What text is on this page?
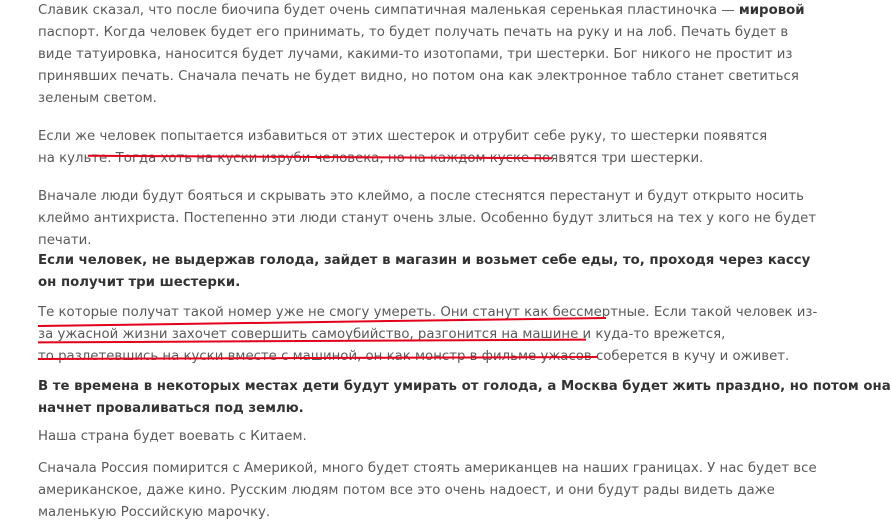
Славик сказал, что после биочипа будет очень симпатичная маленькая серенькая пластиночка — мировой
паспорт. Когда человек будет его принимать, то будет получать печать на руку и на лоб. Печать будет в
виде татуировка, наносится будет лучами, какими-то изотопами, три шестерки. Бог никого не простит из
принявших печать. Сначала печать не будет видно, но потом она как электронное табло станет светиться
зеленым светом.

Если же человек попытается избавиться от этих шестерок и отрубит себе руку, то шестерки появятся
на культе. Тогда хоть на куски изруби человека, но на каждом куске появятся три шестерки.

Вначале люди будут бояться и скрывать это клеймо, а после стеснятся перестанут и будут открыто носить
клеймо антихриста. Постепенно эти люди станут очень злые. Особенно будут злиться на тех у кого не будет
печати.

Если человек, не выдержав голода, зайдет в магазин и возьмет себе еды, то, проходя через кассу
он получит три шестерки.

Те которые получат такой номер уже не смогу умереть. Они станут как бессмертные. Если такой человек из-
за ужасной жизни захочет совершить самоубийство, разгонится на машине и куда-то врежется,
то разлетевшись на куски вместе с машиной, он как монстр в фильме ужасов соберется в кучу и оживет.

В те времена в некоторых местах дети будут умирать от голода, а Москва будет жить праздно, но потом она
начнет проваливаться под землю.

Наша страна будет воевать с Китаем.

Сначала Россия помирится с Америкой, много будет стоять американцев на наших границах. У нас будет все
американское, даже кино. Русским людям потом все это очень надоест, и они будут рады видеть даже
маленькую Российскую марочку.
